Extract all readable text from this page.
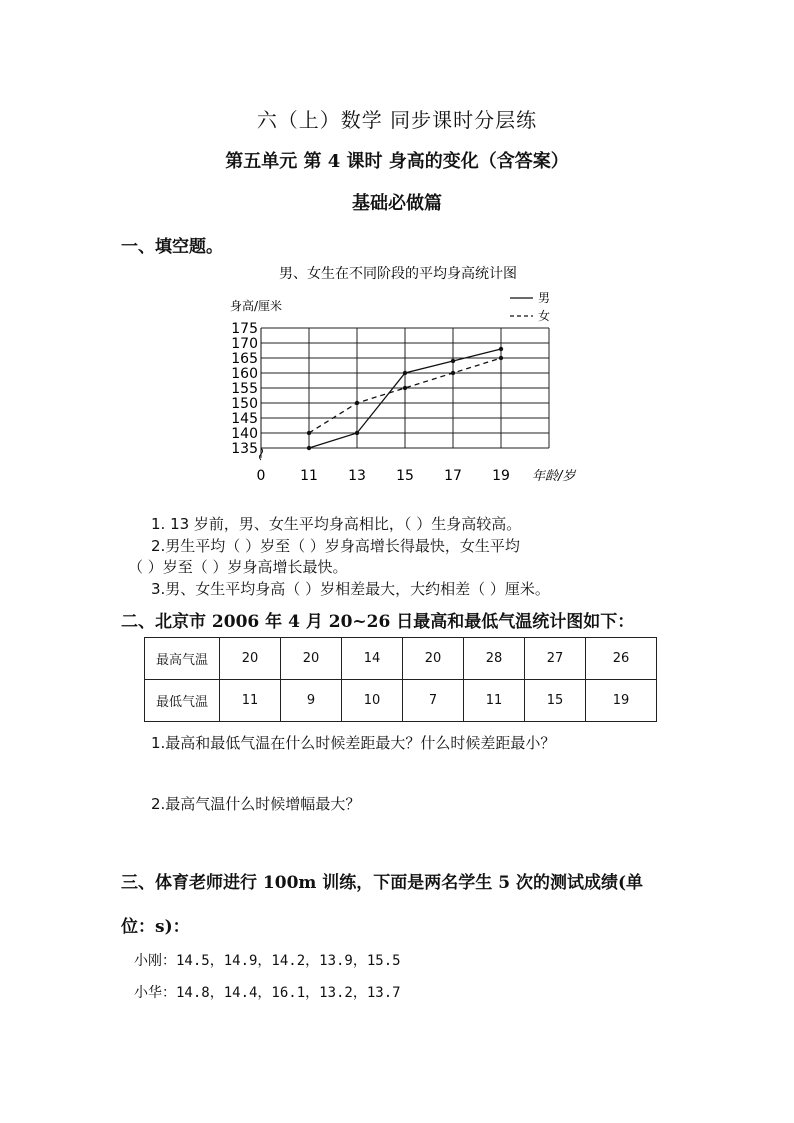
六（上）数学 同步课时分层练
第五单元 第 4 课时 身高的变化（含答案）
基础必做篇
一、填空题。
男、女生在不同阶段的平均身高统计图
身高/厘米
年龄/岁
男
女
135
140
145
150
155
160
165
170
175
0 11 13 15 17 19
1. 13 岁前，男、女生平均身高相比，（ ）生身高较高。
2.男生平均（ ）岁至（ ）岁身高增长得最快，女生平均
（ ）岁至（ ）岁身高增长最快。
3.男、女生平均身高（ ）岁相差最大，大约相差（ ）厘米。
二、北京市 2006 年 4 月 20~26 日最高和最低气温统计图如下：
最高气温	20	20	14	20	28	27	26
最低气温	11	9	10	7	11	15	19
1.最高和最低气温在什么时候差距最大？什么时候差距最小？
2.最高气温什么时候增幅最大？
三、体育老师进行 100m 训练，下面是两名学生 5 次的测试成绩(单
位：s)：
小刚：14.5，14.9，14.2，13.9，15.5
小华：14.8，14.4，16.1，13.2，13.7
